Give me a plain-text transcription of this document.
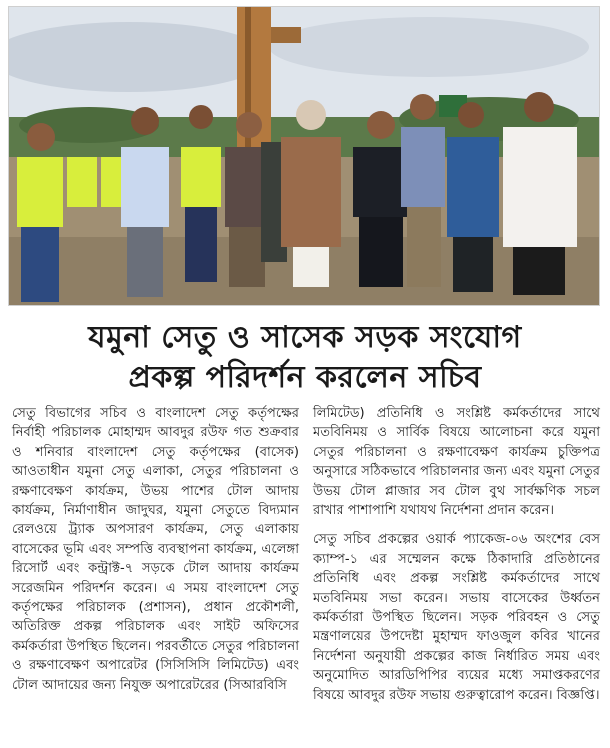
যমুনা সেতু ও সাসেক সড়ক সংযোগ
প্রকল্প পরিদর্শন করলেন সচিব

সেতু বিভাগের সচিব ও বাংলাদেশ সেতু কর্তৃপক্ষের নির্বাহী পরিচালক মোহাম্মদ আবদুর রউফ গত শুক্রবার ও শনিবার বাংলাদেশ সেতু কর্তৃপক্ষের (বাসেক) আওতাধীন যমুনা সেতু এলাকা, সেতুর পরিচালনা ও রক্ষণাবেক্ষণ কার্যক্রম, উভয় পাশের টোল আদায় কার্যক্রম, নির্মাণাধীন জাদুঘর, যমুনা সেতুতে বিদ্যমান রেলওয়ে ট্র্যাক অপসারণ কার্যক্রম, সেতু এলাকায় বাসেকের ভূমি এবং সম্পত্তি ব্যবস্থাপনা কার্যক্রম, এলেঙ্গা রিসোর্ট এবং কন্ট্রাক্ট-৭ সড়কে টোল আদায় কার্যক্রম সরেজমিন পরিদর্শন করেন। এ সময় বাংলাদেশ সেতু কর্তৃপক্ষের পরিচালক (প্রশাসন), প্রধান প্রকৌশলী, অতিরিক্ত প্রকল্প পরিচালক এবং সাইট অফিসের কর্মকর্তারা উপস্থিত ছিলেন। পরবর্তীতে সেতুর পরিচালনা ও রক্ষণাবেক্ষণ অপারেটর (সিসিসিসি লিমিটেড) এবং টোল আদায়ের জন্য নিযুক্ত অপারেটরের (সিআরবিসি

লিমিটেড) প্রতিনিধি ও সংশ্লিষ্ট কর্মকর্তাদের সাথে মতবিনিময় ও সার্বিক বিষয়ে আলোচনা করে যমুনা সেতুর পরিচালনা ও রক্ষণাবেক্ষণ কার্যক্রম চুক্তিপত্র অনুসারে সঠিকভাবে পরিচালনার জন্য এবং যমুনা সেতুর উভয় টোল প্লাজার সব টোল বুথ সার্বক্ষণিক সচল রাখার পাশাপাশি যথাযথ নির্দেশনা প্রদান করেন।

সেতু সচিব প্রকল্পের ওয়ার্ক প্যাকেজ-০৬ অংশের বেস ক্যাম্প-১ এর সম্মেলন কক্ষে ঠিকাদারি প্রতিষ্ঠানের প্রতিনিধি এবং প্রকল্প সংশ্লিষ্ট কর্মকর্তাদের সাথে মতবিনিময় সভা করেন। সভায় বাসেকের উর্ধ্বতন কর্মকর্তারা উপস্থিত ছিলেন। সড়ক পরিবহন ও সেতু মন্ত্রণালয়ের উপদেষ্টা মুহাম্মদ ফাওজুল কবির খানের নির্দেশনা অনুযায়ী প্রকল্পের কাজ নির্ধারিত সময় এবং অনুমোদিত আরডিপিপির ব্যয়ের মধ্যে সমাপ্তকরণের বিষয়ে আবদুর রউফ সভায় গুরুত্বারোপ করেন। বিজ্ঞপ্তি।
